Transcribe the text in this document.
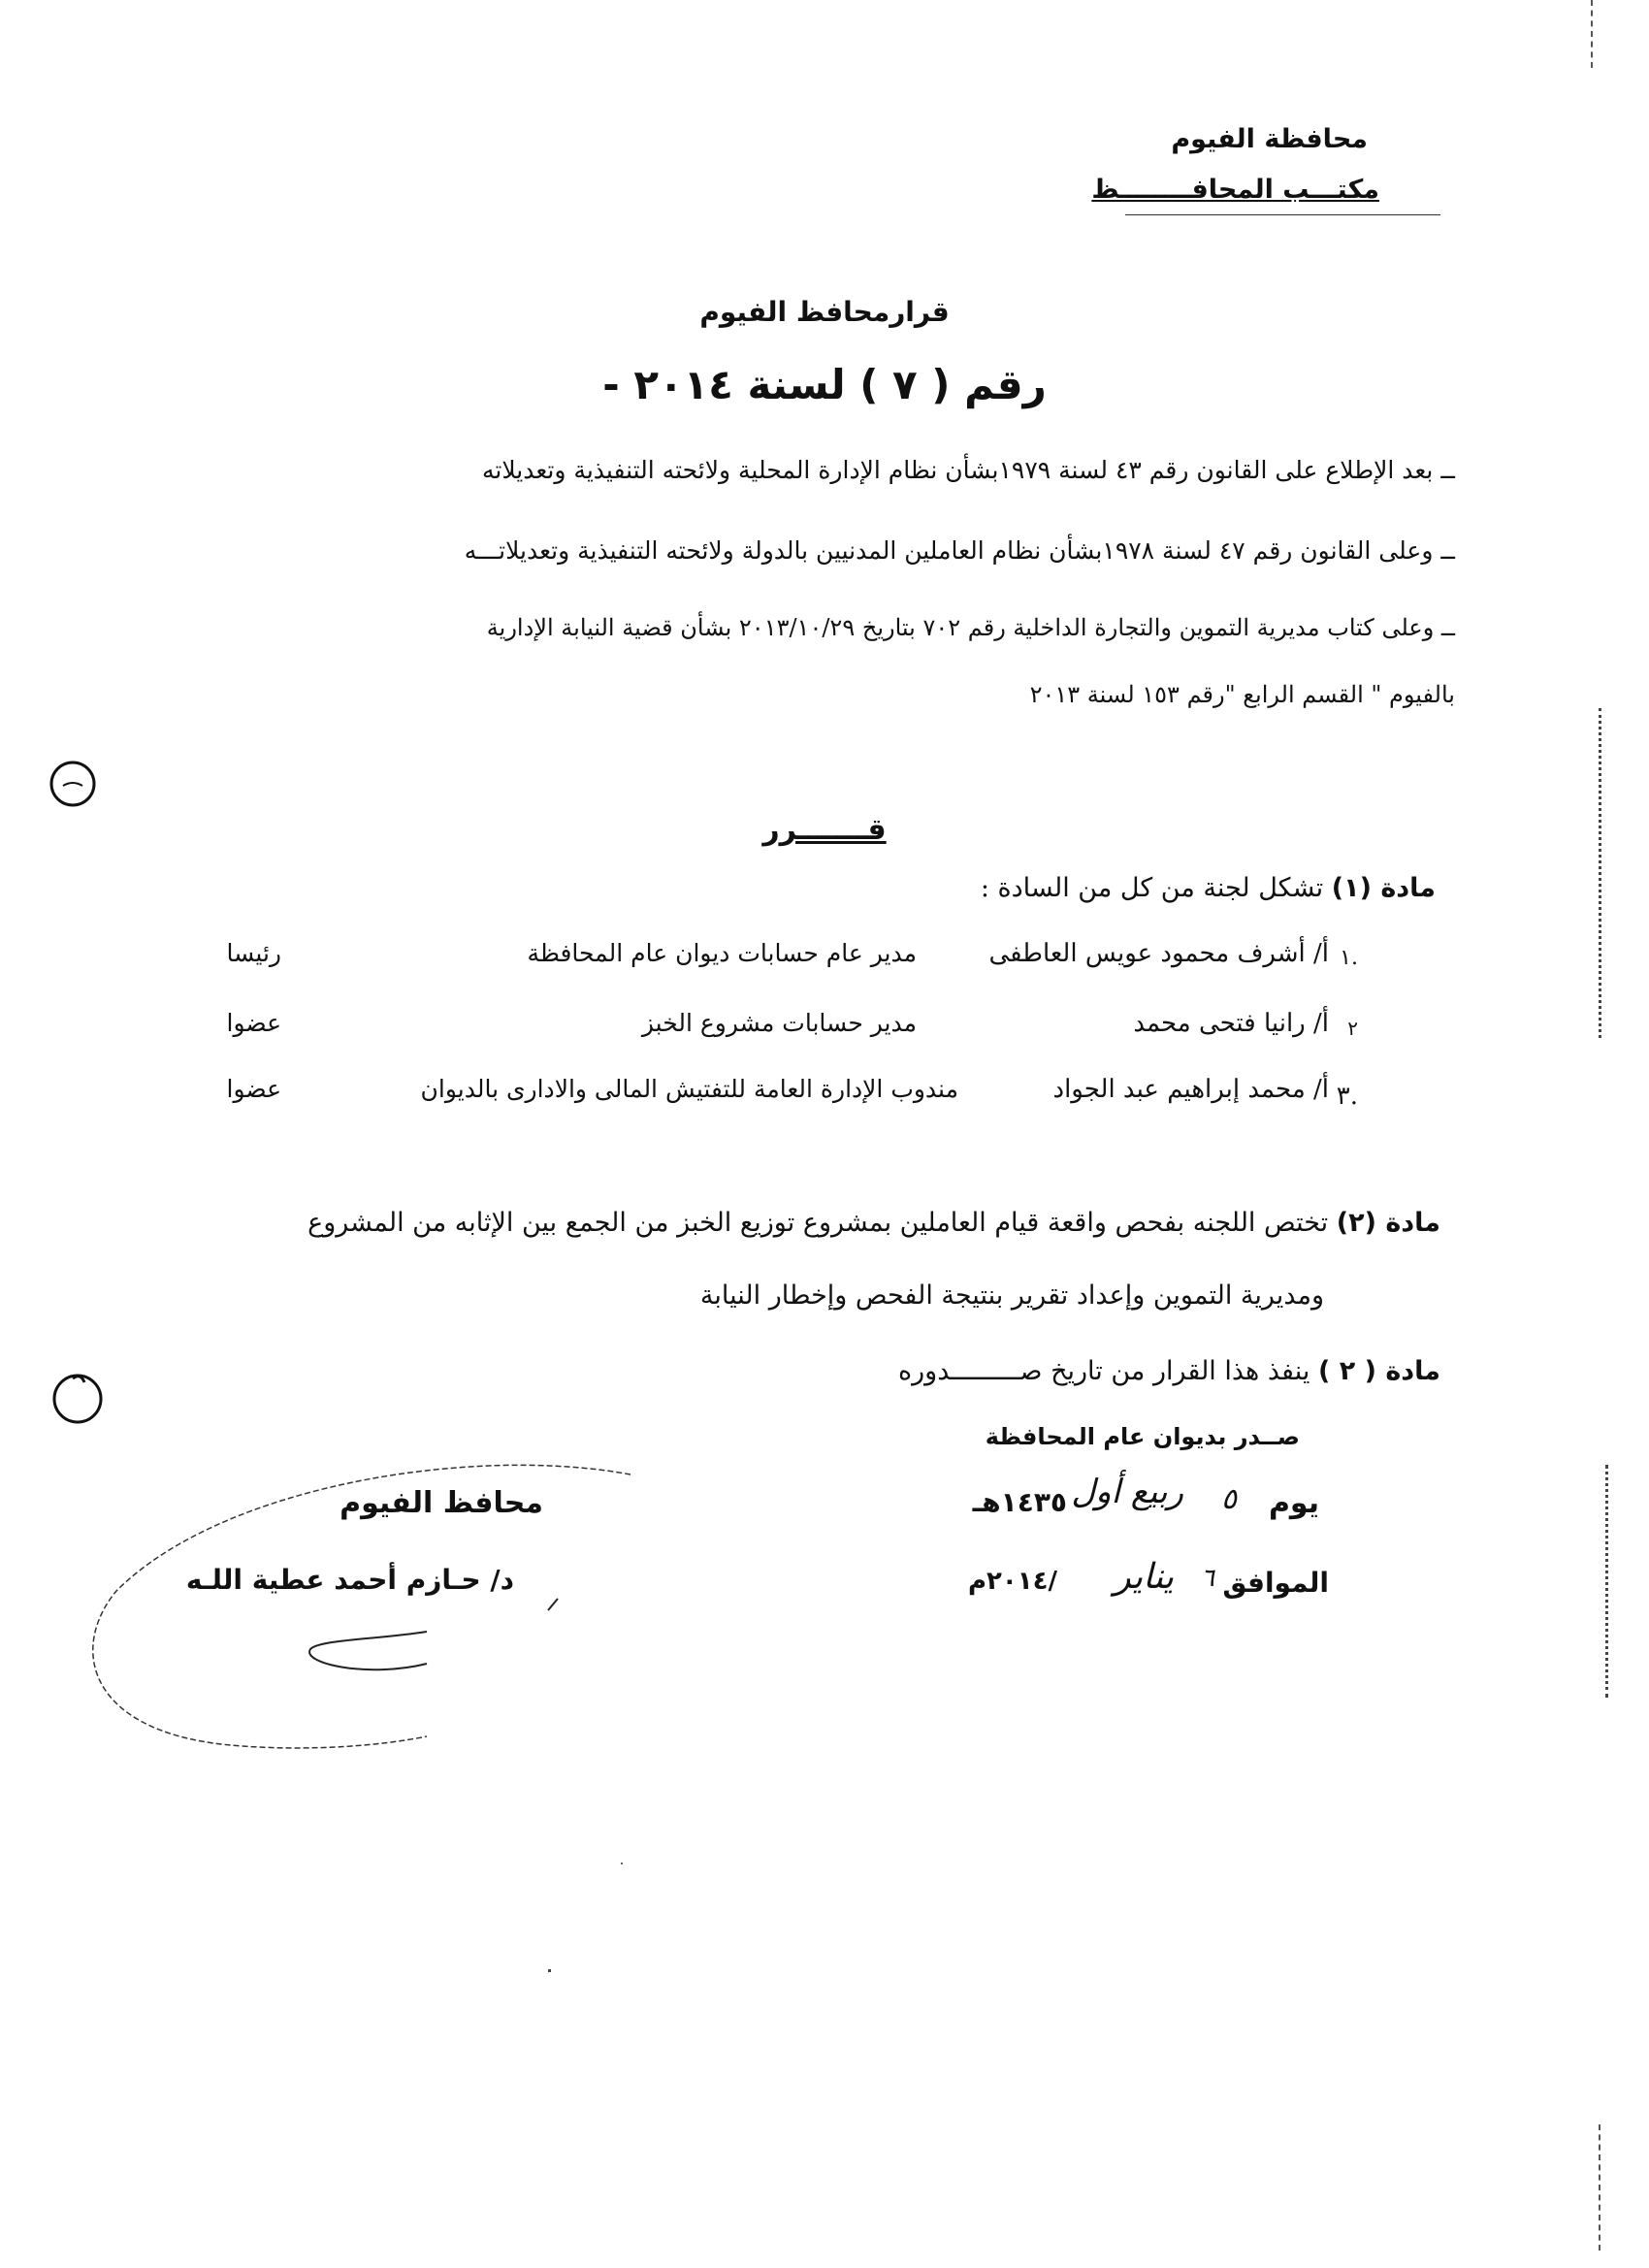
محافظة الفيوم
مكتـــب المحافــــــــظ
قرارمحافظ الفيوم
رقم ( ٧ ) لسنة ٢٠١٤ -
ــ بعد الإطلاع على القانون رقم ٤٣ لسنة ١٩٧٩بشأن نظام الإدارة المحلية ولائحته التنفيذية وتعديلاته
ــ وعلى القانون رقم ٤٧ لسنة ١٩٧٨بشأن نظام العاملين المدنيين بالدولة ولائحته التنفيذية وتعديلاتـــه
ــ وعلى كتاب مديرية التموين والتجارة الداخلية رقم ٧٠٢ بتاريخ ٢٠١٣/١٠/٢٩ بشأن قضية النيابة الإدارية
بالفيوم " القسم الرابع "رقم ١٥٣ لسنة ٢٠١٣
قـــــــرر
مادة (١) تشكل لجنة من كل من السادة :
١.
أ/ أشرف محمود عويس العاطفى
مدير عام حسابات ديوان عام المحافظة
رئيسا
٢
أ/ رانيا فتحى محمد
مدير حسابات مشروع الخبز
عضوا
٣.
أ/ محمد إبراهيم عبد الجواد
مندوب الإدارة العامة للتفتيش المالى والادارى بالديوان
عضوا
مادة (٢) تختص اللجنه بفحص واقعة قيام العاملين بمشروع توزيع الخبز من الجمع بين الإثابه من المشروع
ومديرية التموين وإعداد تقرير بنتيجة الفحص وإخطار النيابة
مادة ( ٢ ) ينفذ هذا القرار من تاريخ صـــــــــدوره
صــدر بديوان عام المحافظة
يوم
٥
ربيع أول
١٤٣٥هـ
الموافق
٦
يناير
/٢٠١٤م
محافظ الفيوم
د/ حـازم أحمد عطية اللـه
